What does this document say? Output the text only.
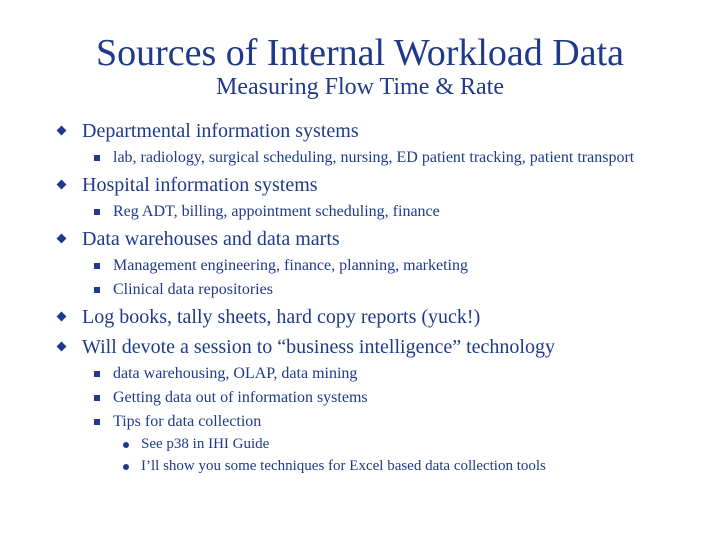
Sources of Internal Workload Data
Measuring Flow Time & Rate
Departmental information systems
lab, radiology, surgical scheduling, nursing, ED patient tracking, patient transport
Hospital information systems
Reg ADT, billing, appointment scheduling, finance
Data warehouses and data marts
Management engineering, finance, planning, marketing
Clinical data repositories
Log books, tally sheets, hard copy reports (yuck!)
Will devote a session to “business intelligence” technology
data warehousing, OLAP, data mining
Getting data out of information systems
Tips for data collection
See p38 in IHI Guide
I’ll show you some techniques for Excel based data collection tools
